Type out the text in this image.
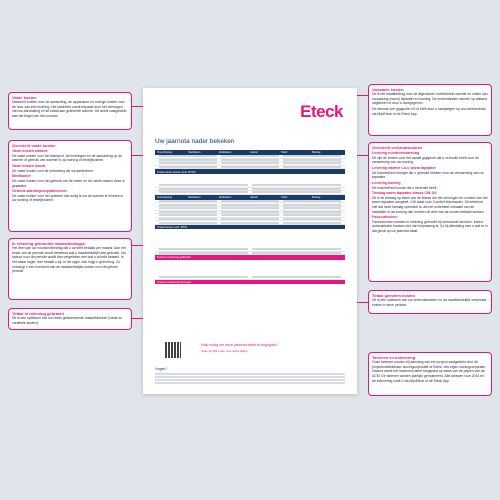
Vaste kosten
Vastrecht kosten voor de aansluiting, de apparatuur en overige kosten voor de huur van een levering. Het vastrecht wordt bepaald door het vermogen van uw aansluiting of het totaal aan geleverde warmte. Dit wordt vastgesteld aan het begin van het contract.
Overzicht vaste kosten
Vaste kosten warmte
De vaste kosten voor het transport, de leveringen en de aansluiting op de warmte of gebruik van warmte in uw woning of bedrijfsruimte.
Vaste kosten koude
De vaste kosten voor de verkoeling die wij aanleveren.
Meetkamer
De vaste kosten voor het gebruik van de meter en de ruimte waarin deze is geplaatst.
Gebruik warmtepomp/afleverset
De vaste kosten voor het systeem dat nodig is om de warmte te leveren in uw woning of bedrijfsruimte.
In rekening gebrachte maandbedragen
Het deel van uw voorschotbedrag dat u al heeft betaald per maand. Aan het einde van de periode wordt berekend wat u daadwerkelijk hebt gebruikt. Uw factuur voor de periode wordt dan vergeleken met wat u al hebt betaald. Is het totaal hoger, dan betaalt u bij. Is het lager, dan krijgt u geld terug. Zo ontvangt u een overzicht van de daadwerkelijke kosten voor de gehele periode.
Totaal in rekening gebracht
Dit is een optelsom van uw reeds gefactureerde maandfacturen (vaste en variabele kosten).
Variabele kosten
Dit is het totaalbedrag voor de afgenomen hoeveelheid warmte en indien van toepassing (warm) tapwater en koeling. De meterstanden worden op afstand uitgelezen of door u doorgegeven.
De tarieven per gigajoule m3 of kWh kunt u raadplegen op ons tarievenblad via MijnEteck of de Eteck App.
Overzicht verbruikskosten
Levering ruimteverwarming
Dit zijn de kosten voor het aantal gigajoule dat u verbruikt heeft voor de verwarming van uw woning.
Levering warmte t.b.v. warm tapwater
De hoeveelheid energie die u gebruikt hebben voor de verwarming van uw tapwater.
Levering koeling
De hoeveelheid koude die u verbruikt heeft.
Toeslag warm tapwater klasse CW 3/4
Dit is de toeslag op basis van de klasse die het vermogen en comfort van het warm tapwater aangeeft. CW staat voor Comfort Warmwater. Dit betekent niet dat deze toeslag optioneel is, als het onderdeel uitmaakt van de installatie in uw woning dan moeten dit deel van de kosten betaald worden.
Factuurkosten
Factuurkosten worden in rekening gebracht bij verstuurde facturen. Indien automatische incasso niet van toepassing is. Zo bij afbetaling zien u wat er in dat geval op uw jaarnota staat.
Totaal gemeten kosten
Dit is een optelsom van uw verbruikskosten en uw daadwerkelijke verbruikte kosten in deze periode.
Tarieven en indexering
Onze tarieven worden bij aanvang van een project vastgesteld door de projectontwikkelaar, woningcorporatie of Eteck, ons eigen woningcorporatie. Daarna wordt het maximum tarief toegepast op basis van de prijzen van de ACM. De tarieven worden jaarlijks geïndexeerd. Alle tarieven voor 2024 en de indexering vindt u via MijnEteck of de Eteck App.
Eteck
Uw jaarnota nader bekeken
Omschrijving	Startdatum	Einddatum	Aantal	Tarief	Bedrag
Totaal vaste kosten (incl. BTW)
Omschrijving	Startdatum	Einddatum	Aantal	Tarief	Bedrag
Totaal kosten excl. BTW
Totaal in rekening gebracht
Totaal te betalen/ontvangen
Hulp nodig om deze jaarnota beter te begrijpen?
Scan de QR-code voor extra uitleg!
Vragen?
